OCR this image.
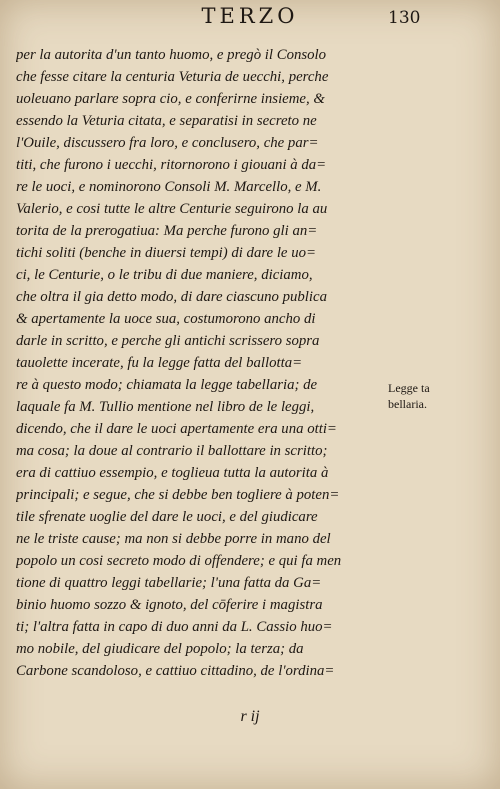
TERZO	130
per la autorita d'un tanto huomo, e pregò il Consolo
che fesse citare la centuria Veturia de uecchi, perche
uoleuano parlare sopra cio, e conferirne insieme, &
essendo la Veturia citata, e separatisi in secreto ne
l'Ouile, discussero fra loro, e conclusero, che par=
titi, che furono i uecchi, ritornorono i giouani à da=
re le uoci, e nominorono Consoli M. Marcello, e M.
Valerio, e cosi tutte le altre Centurie seguirono la au
torita de la prerogatiua: Ma perche furono gli an=
tichi soliti (benche in diuersi tempi) di dare le uo=
ci, le Centurie, o le tribu di due maniere, diciamo,
che oltra il gia detto modo, di dare ciascuno publica
& apertamente la uoce sua, costumorono ancho di
darle in scritto, e perche gli antichi scrissero sopra
tauolette incerate, fu la legge fatta del ballotta=
re à questo modo; chiamata la legge tabellaria; de
laquale fa M. Tullio mentione nel libro de le leggi,
dicendo, che il dare le uoci apertamente era una otti=
ma cosa; la doue al contrario il ballottare in scritto;
era di cattiuo essempio, e toglieua tutta la autorita à
principali; e segue, che si debbe ben togliere à poten=
tile sfrenate uoglie del dare le uoci, e del giudicare
ne le triste cause; ma non si debbe porre in mano del
popolo un cosi secreto modo di offendere; e qui fa men
tione di quattro leggi tabellarie; l'una fatta da Ga=
binio huomo sozzo & ignoto, del cōferire i magistra
ti; l'altra fatta in capo di duo anni da L. Cassio huo=
mo nobile, del giudicare del popolo; la terza; da
Carbone scandoloso, e cattiuo cittadino, de l'ordina=
Legge ta
bellaria.
r ij
